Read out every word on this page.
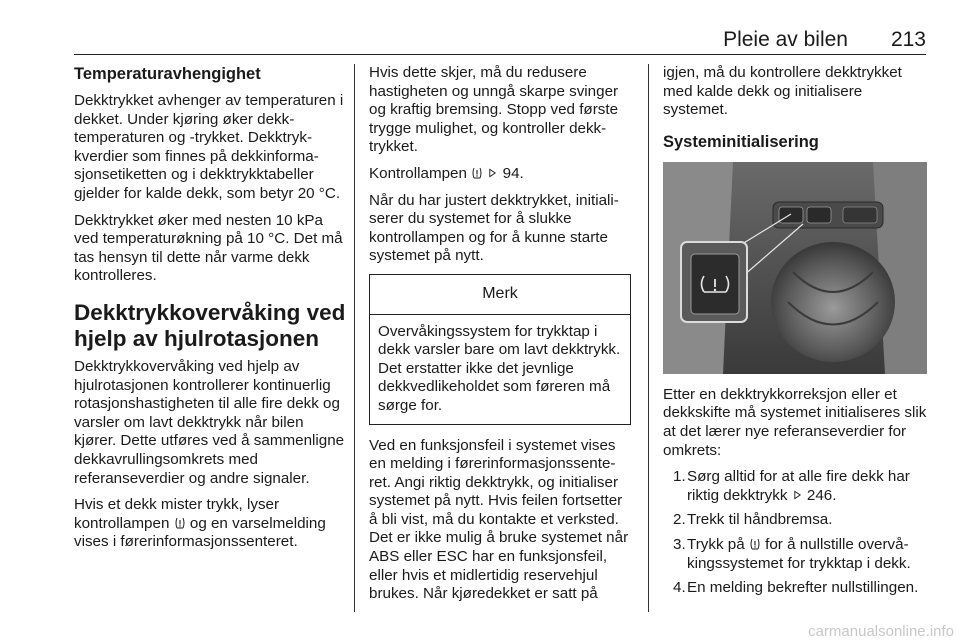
Pleie av bilen 213
Temperaturavhengighet

Dekktrykket avhenger av temperaturen i dekket. Under kjøring øker dekktemperaturen og -trykket. Dekktrykkverdier som finnes på dekkinformasjonsetiketten og i dekktrykktabeller gjelder for kalde dekk, som betyr 20 °C.

Dekktrykket øker med nesten 10 kPa ved temperaturøkning på 10 °C. Det må tas hensyn til dette når varme dekk kontrolleres.

Dekktrykkovervåking ved hjelp av hjulrotasjonen

Dekktrykkovervåking ved hjelp av hjulrotasjonen kontrollerer kontinuerlig rotasjonshastigheten til alle fire dekk og varsler om lavt dekktrykk når bilen kjører. Dette utføres ved å sammenligne dekkavrullingsomkrets med referanseverdier og andre signaler.

Hvis et dekk mister trykk, lyser kontrollampen og en varselmelding vises i førerinformasjonssenteret.

Hvis dette skjer, må du redusere hastigheten og unngå skarpe svinger og kraftig bremsing. Stopp ved første trygge mulighet, og kontroller dekktrykket.

Kontrollampen 94.

Når du har justert dekktrykket, initialiserer du systemet for å slukke kontrollampen og for å kunne starte systemet på nytt.

Merk
Overvåkingssystem for trykktap i dekk varsler bare om lavt dekktrykk. Det erstatter ikke det jevnlige dekkvedlikeholdet som føreren må sørge for.

Ved en funksjonsfeil i systemet vises en melding i førerinformasjonssenteret. Angi riktig dekktrykk, og initialiser systemet på nytt. Hvis feilen fortsetter å bli vist, må du kontakte et verksted. Det er ikke mulig å bruke systemet når ABS eller ESC har en funksjonsfeil, eller hvis et midlertidig reservehjul brukes. Når kjøredekket er satt på

igjen, må du kontrollere dekktrykket med kalde dekk og initialisere systemet.

Systeminitialisering

Etter en dekktrykkorreksjon eller et dekkskifte må systemet initialiseres slik at det lærer nye referanseverdier for omkrets:

1. Sørg alltid for at alle fire dekk har riktig dekktrykk 246.
2. Trekk til håndbremsa.
3. Trykk på for å nullstille overvåkingssystemet for trykktap i dekk.
4. En melding bekrefter nullstillingen.
carmanualsonline.info
